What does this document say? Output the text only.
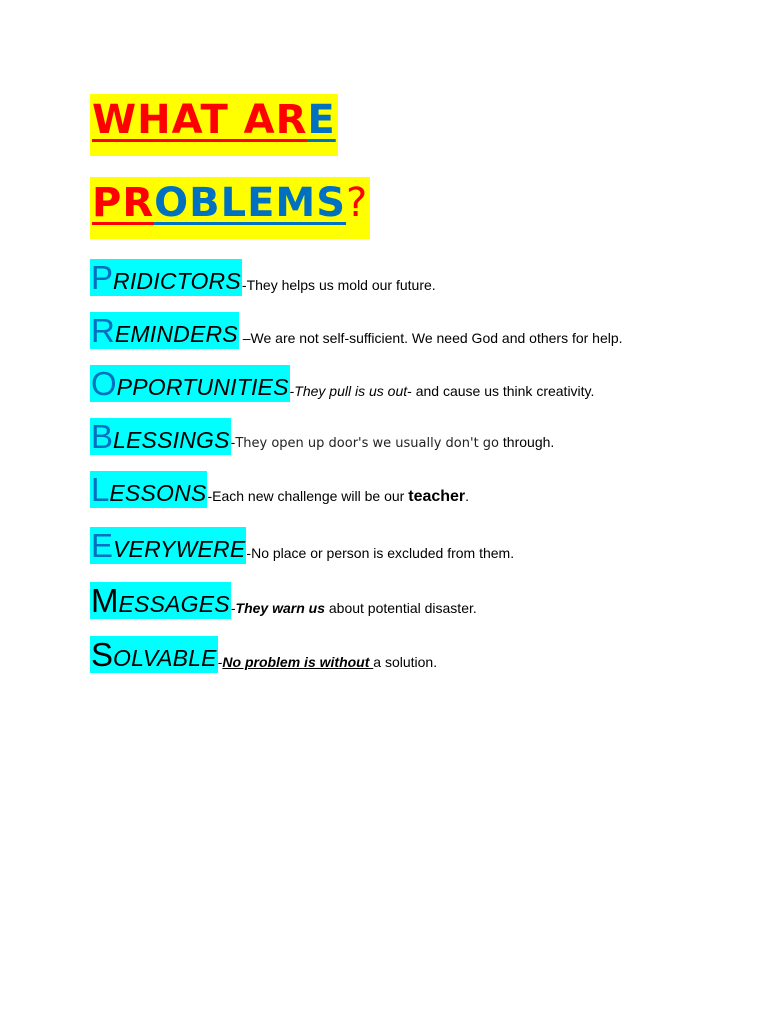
WHAT ARE
PROBLEMS?
PRIDICTORS-They helps us mold our future.
REMINDERS –We are not self-sufficient. We need God and others for help.
OPPORTUNITIES-They pull is us out- and cause us think creativity.
BLESSINGS-They open up door's we usually don't go through.
LESSONS-Each new challenge will be our teacher.
EVERYWERE-No place or person is excluded from them.
MESSAGES-They warn us about potential disaster.
SOLVABLE-No problem is without a solution.
